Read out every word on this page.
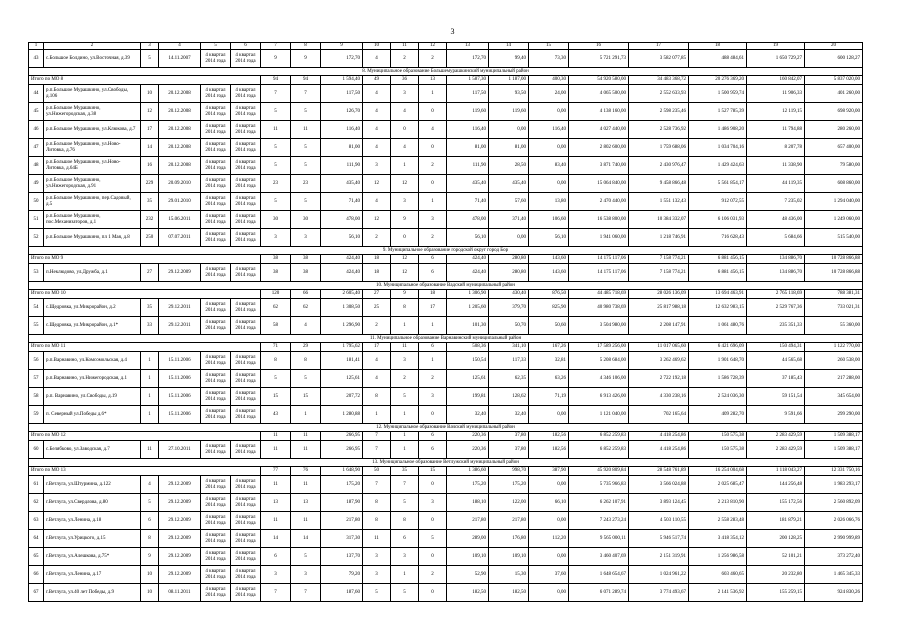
3
1	2	3	4	5	6	7	8	9	10	11	12	13	14	15	16	17	18	19	20
43	с.Большое Болдино, ул.Восточная, д.39	5	14.11.2007	4 квартал 2014 года	4 квартал 2014 года	9	9	172,70	4	2	2	172,70	99,40	73,30	5 721 291,73	3 582 077,85	488 484,61	1 650 729,27	600 128,27
8. Муниципальное образование Большемурашкинский муниципальный район																			
Итого по МО 8						94	94	1 594,40	49	36	13	1 587,30	1 187,00	400,30	54 920 580,00	34 483 368,72	20 276 369,20	160 842,07	5 837 020,00
44	р.п.Большое Мурашкино, ул.Свободы, д.106	10	20.12.2008	4 квартал 2014 года	4 квартал 2014 года	7	7	117,50	4	3	1	117,50	93,50	24,00	4 065 500,00	2 552 633,93	1 500 959,74	11 906,33	401 260,00
45	р.п.Большое Мурашкино, ул.Нижегородская, д.38	12	20.12.2008	4 квартал 2014 года	4 квартал 2014 года	5	5	126,70	4	4	0	119,60	119,60	0,00	4 138 160,00	2 598 235,46	1 527 785,39	12 119,15	698 920,00
46	р.п.Большое Мурашкино, ул.Клюкова, д.7	17	20.12.2008	4 квартал 2014 года	4 квартал 2014 года	11	11	116,40	4	0	4	116,40	0,00	116,40	4 027 440,00	2 528 736,92	1 486 908,20	11 794,88	280 260,00
47	р.п.Большое Мурашкино, ул.Ново-Литовка, д.76	14	20.12.2008	4 квартал 2014 года	4 квартал 2014 года	5	5	81,00	4	4	0	81,00	81,00	0,00	2 802 600,00	1 759 688,06	1 034 704,16	8 207,78	657 400,00
48	р.п.Большое Мурашкино, ул.Ново-Литовка, д.64Б	16	20.12.2008	4 квартал 2014 года	4 квартал 2014 года	5	5	111,90	3	1	2	111,90	28,50	83,40	3 871 740,00	2 430 976,47	1 429 424,63	11 338,90	79 580,00
49	р.п.Большое Мурашкино, ул.Нижегородская, д.91	229	20.09.2010	4 квартал 2014 года	4 квартал 2014 года	23	23	435,40	12	12	0	435,40	435,40	0,00	15 064 840,00	9 458 866,48	5 561 854,17	44 119,35	608 860,00
50	р.п.Большое Мурашкино, пер.Садовый, д.5	35	29.01.2010	4 квартал 2014 года	4 квартал 2014 года	5	5	71,40	4	3	1	71,40	57,60	13,80	2 470 440,00	1 551 132,43	912 072,55	7 235,02	1 294 040,00
51	р.п.Большое Мурашкино, пос.Механизаторов, д.1	232	15.06.2011	4 квартал 2014 года	4 квартал 2014 года	30	30	478,00	12	9	3	478,00	371,40	106,60	16 538 800,00	10 384 332,07	6 106 031,93	48 436,00	1 249 060,00
52	р.п.Большое Мурашкино, пл 1 Мая, д.8	250	07.07.2011	4 квартал 2014 года	4 квартал 2014 года	3	3	56,10	2	0	2	56,10	0,00	56,10	1 941 060,00	1 218 746,91	716 628,43	5 684,66	515 540,00
9. Муниципальное образование городской округ город Бор																			
Итого по МО 9						38	38	424,40	18	12	6	424,40	280,80	143,60	14 175 117,06	7 158 774,21	6 881 456,15	134 886,70	10 728 866,88
53	п.Неклюдово, ул.Дружба, д.1	27	29.12.2009	4 квартал 2014 года	4 квартал 2014 года	38	38	424,40	18	12	6	424,40	280,80	143,60	14 175 117,06	7 158 774,21	6 881 456,15	134 886,70	10 728 866,88
10. Муниципальное образование Вадский муниципальный район																			
Итого по МО 10						120	66	2 605,40	27	9	18	1 306,90	430,40	876,50	44 485 718,69	28 026 136,09	13 694 463,91	2 765 118,69	788 381,31
54	с.Щедровка, ул.Микрорайон, д.2	35	29.12.2011	4 квартал 2014 года	4 квартал 2014 года	62	62	1 308,50	25	8	17	1 205,60	379,70	825,90	40 980 738,69	25 817 988,18	12 632 983,15	2 529 767,36	733 021,31
55	с.Щедровка, ул.Микрорайон, д.1*	33	29.12.2011	4 квартал 2014 года	4 квартал 2014 года	58	4	1 296,90	2	1	1	101,30	50,70	50,60	3 504 980,00	2 208 147,91	1 061 480,76	235 351,33	55 360,00
11. Муниципальное образование Варнавинский муниципальный район																			
Итого по МО 11						71	29	1 795,62	17	11	6	508,36	341,10	167,26	17 589 256,00	11 017 065,60	6 421 696,09	150 494,31	1 122 770,00
56	р.п.Варнавино, ул.Комсомольская, д.4	1	15.11.2006	4 квартал 2014 года	4 квартал 2014 года	8	8	181,41	4	3	1	150,54	117,33	32,81	5 208 684,00	3 262 469,62	1 901 648,70	44 565,68	260 538,00
57	р.п.Варнавино, ул.Нижегородская, д.1	1	15.11.2006	4 квартал 2014 года	4 квартал 2014 года	5	5	125,61	4	2	2	125,61	62,35	63,26	4 346 106,00	2 722 192,18	1 586 728,39	37 185,43	217 288,00
58	р.п. Варнавино, ул.Свободы, д.19	1	15.11.2006	4 квартал 2014 года	4 квартал 2014 года	15	15	207,72	8	5	3	199,81	128,62	71,19	6 913 426,00	4 330 238,16	2 524 036,30	59 151,54	345 654,00
59	п. Северный ул.Победы д.6*	1	15.11.2006	4 квартал 2014 года	4 квартал 2014 года	43	1	1 280,88	1	1	0	32,40	32,40	0,00	1 121 040,00	702 165,64	409 282,70	9 591,66	299 290,00
12. Муниципальное образование Вачский муниципальный район																			
Итого по МО 12						11	11	266,95	7	1	6	220,36	37,80	182,56	6 852 259,83	4 418 254,86	150 575,38	2 283 429,59	1 509 388,17
60	с.Белябково, ул.Заводская, д.7	11	27.10.2011	4 квартал 2014 года	4 квартал 2014 года	11	11	266,95	7	1	6	220,36	37,80	182,56	6 852 259,83	4 418 254,86	150 575,38	2 283 429,59	1 509 388,17
13. Муниципальное образование Ветлужский муниципальный район																			
Итого по МО 13						77	76	1 648,90	50	35	15	1 386,60	998,70	387,90	45 920 809,84	28 548 761,89	16 254 004,68	1 118 043,27	12 331 750,16
61	г.Ветлуга, ул.Штурмина, д.122	4	29.12.2009	4 квартал 2014 года	4 квартал 2014 года	11	11	175,20	7	7	0	175,20	175,20	0,00	5 735 966,83	3 566 024,88	2 025 685,47	144 256,48	1 983 293,17
62	г.Ветлуга, ул.Свердлова, д.80	5	29.12.2009	4 квартал 2014 года	4 квартал 2014 года	13	13	187,90	8	5	3	188,10	122,00	66,10	6 262 107,91	3 893 124,45	2 213 810,90	155 172,56	2 560 892,09
63	г.Ветлуга, ул.Ленина, д.18	6	29.12.2009	4 квартал 2014 года	4 квартал 2014 года	11	11	217,80	8	8	0	217,80	217,80	0,00	7 243 273,24	4 503 110,55	2 558 283,48	181 879,21	2 026 066,76
64	г.Ветлуга, ул.Урицкого, д.15	8	29.12.2009	4 квартал 2014 года	4 квартал 2014 года	14	14	317,30	11	6	5	289,00	176,80	112,20	9 565 000,11	5 946 517,74	3 418 354,12	200 128,25	2 990 999,89
65	г.Ветлуга, ул.Алешкова, д.75*	9	29.12.2009	4 квартал 2014 года	4 квартал 2014 года	6	5	137,70	3	3	0	109,10	109,10	0,00	3 460 407,69	2 151 319,91	1 256 986,58	52 101,21	373 272,40
66	г.Ветлуга, ул.Ленина, д.17	10	29.12.2009	4 квартал 2014 года	4 квартал 2014 года	3	3	79,20	3	1	2	52,90	15,30	37,60	1 648 654,67	1 024 961,22	603 460,65	20 232,80	1 465 345,33
67	г.Ветлуга, ул.40 лет Победы, д.9	10	08.11.2011	4 квартал 2014 года	4 квартал 2014 года	7	7	187,60	5	5	0	182,50	182,50	0,00	6 071 289,74	3 774 493,67	2 141 536,92	155 259,15	924 830,26
